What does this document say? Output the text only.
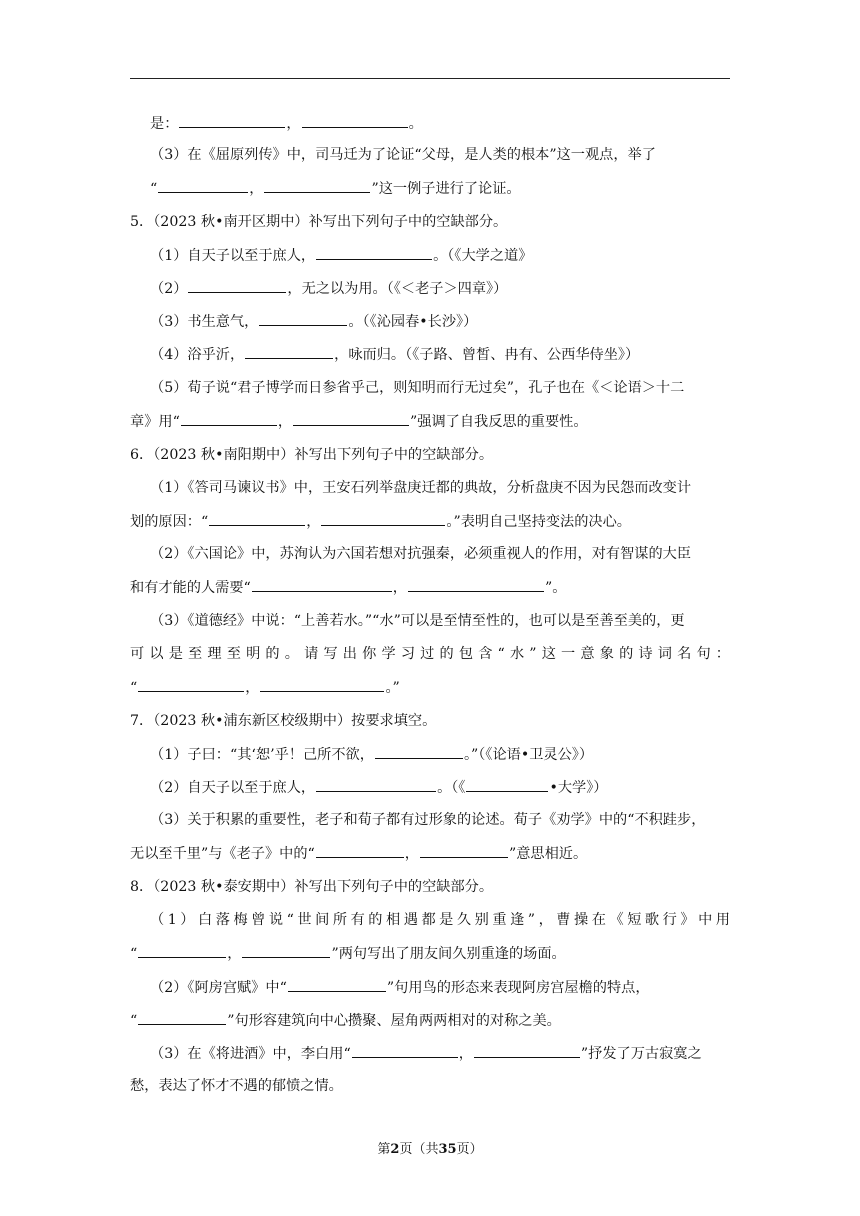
是：	，	。
（3）在《屈原列传》中，司马迁为了论证“父母，是人类的根本”这一观点，举了
“	，	”这一例子进行了论证。
5．（2023 秋•南开区期中）补写出下列句子中的空缺部分。
（1）自天子以至于庶人，	。（《大学之道》
（2）	，无之以为用。（《＜老子＞四章》）
（3）书生意气，	。（《沁园春•长沙》）
（4）浴乎沂，	，咏而归。（《子路、曾皙、冉有、公西华侍坐》）
（5）荀子说“君子博学而日参省乎己，则知明而行无过矣”，孔子也在《＜论语＞十二
章》用“	，	”强调了自我反思的重要性。
6．（2023 秋•南阳期中）补写出下列句子中的空缺部分。
（1）《答司马谏议书》中，王安石列举盘庚迁都的典故，分析盘庚不因为民怨而改变计
划的原因：“	，	。”表明自己坚持变法的决心。
（2）《六国论》中，苏洵认为六国若想对抗强秦，必须重视人的作用，对有智谋的大臣
和有才能的人需要“	，	”。
（3）《道德经》中说：“上善若水。”“水”可以是至情至性的，也可以是至善至美的，更
可以是至理至明的。请写出你学习过的包含“水”这一意象的诗词名句：
“	，	。”
7．（2023 秋•浦东新区校级期中）按要求填空。
（1）子曰：“其‘恕’乎！己所不欲，	。”（《论语•卫灵公》）
（2）自天子以至于庶人，	。（《	•大学》）
（3）关于积累的重要性，老子和荀子都有过形象的论述。荀子《劝学》中的“不积跬步，
无以至千里”与《老子》中的“	，	”意思相近。
8．（2023 秋•泰安期中）补写出下列句子中的空缺部分。
（1）白落梅曾说“世间所有的相遇都是久别重逢”，曹操在《短歌行》中用
“	，	”两句写出了朋友间久别重逢的场面。
（2）《阿房宫赋》中“	”句用鸟的形态来表现阿房宫屋檐的特点，
“	”句形容建筑向中心攒聚、屋角两两相对的对称之美。
（3）在《将进酒》中，李白用“	，	”抒发了万古寂寞之
愁，表达了怀才不遇的郁愤之情。
第2页（共35页）
